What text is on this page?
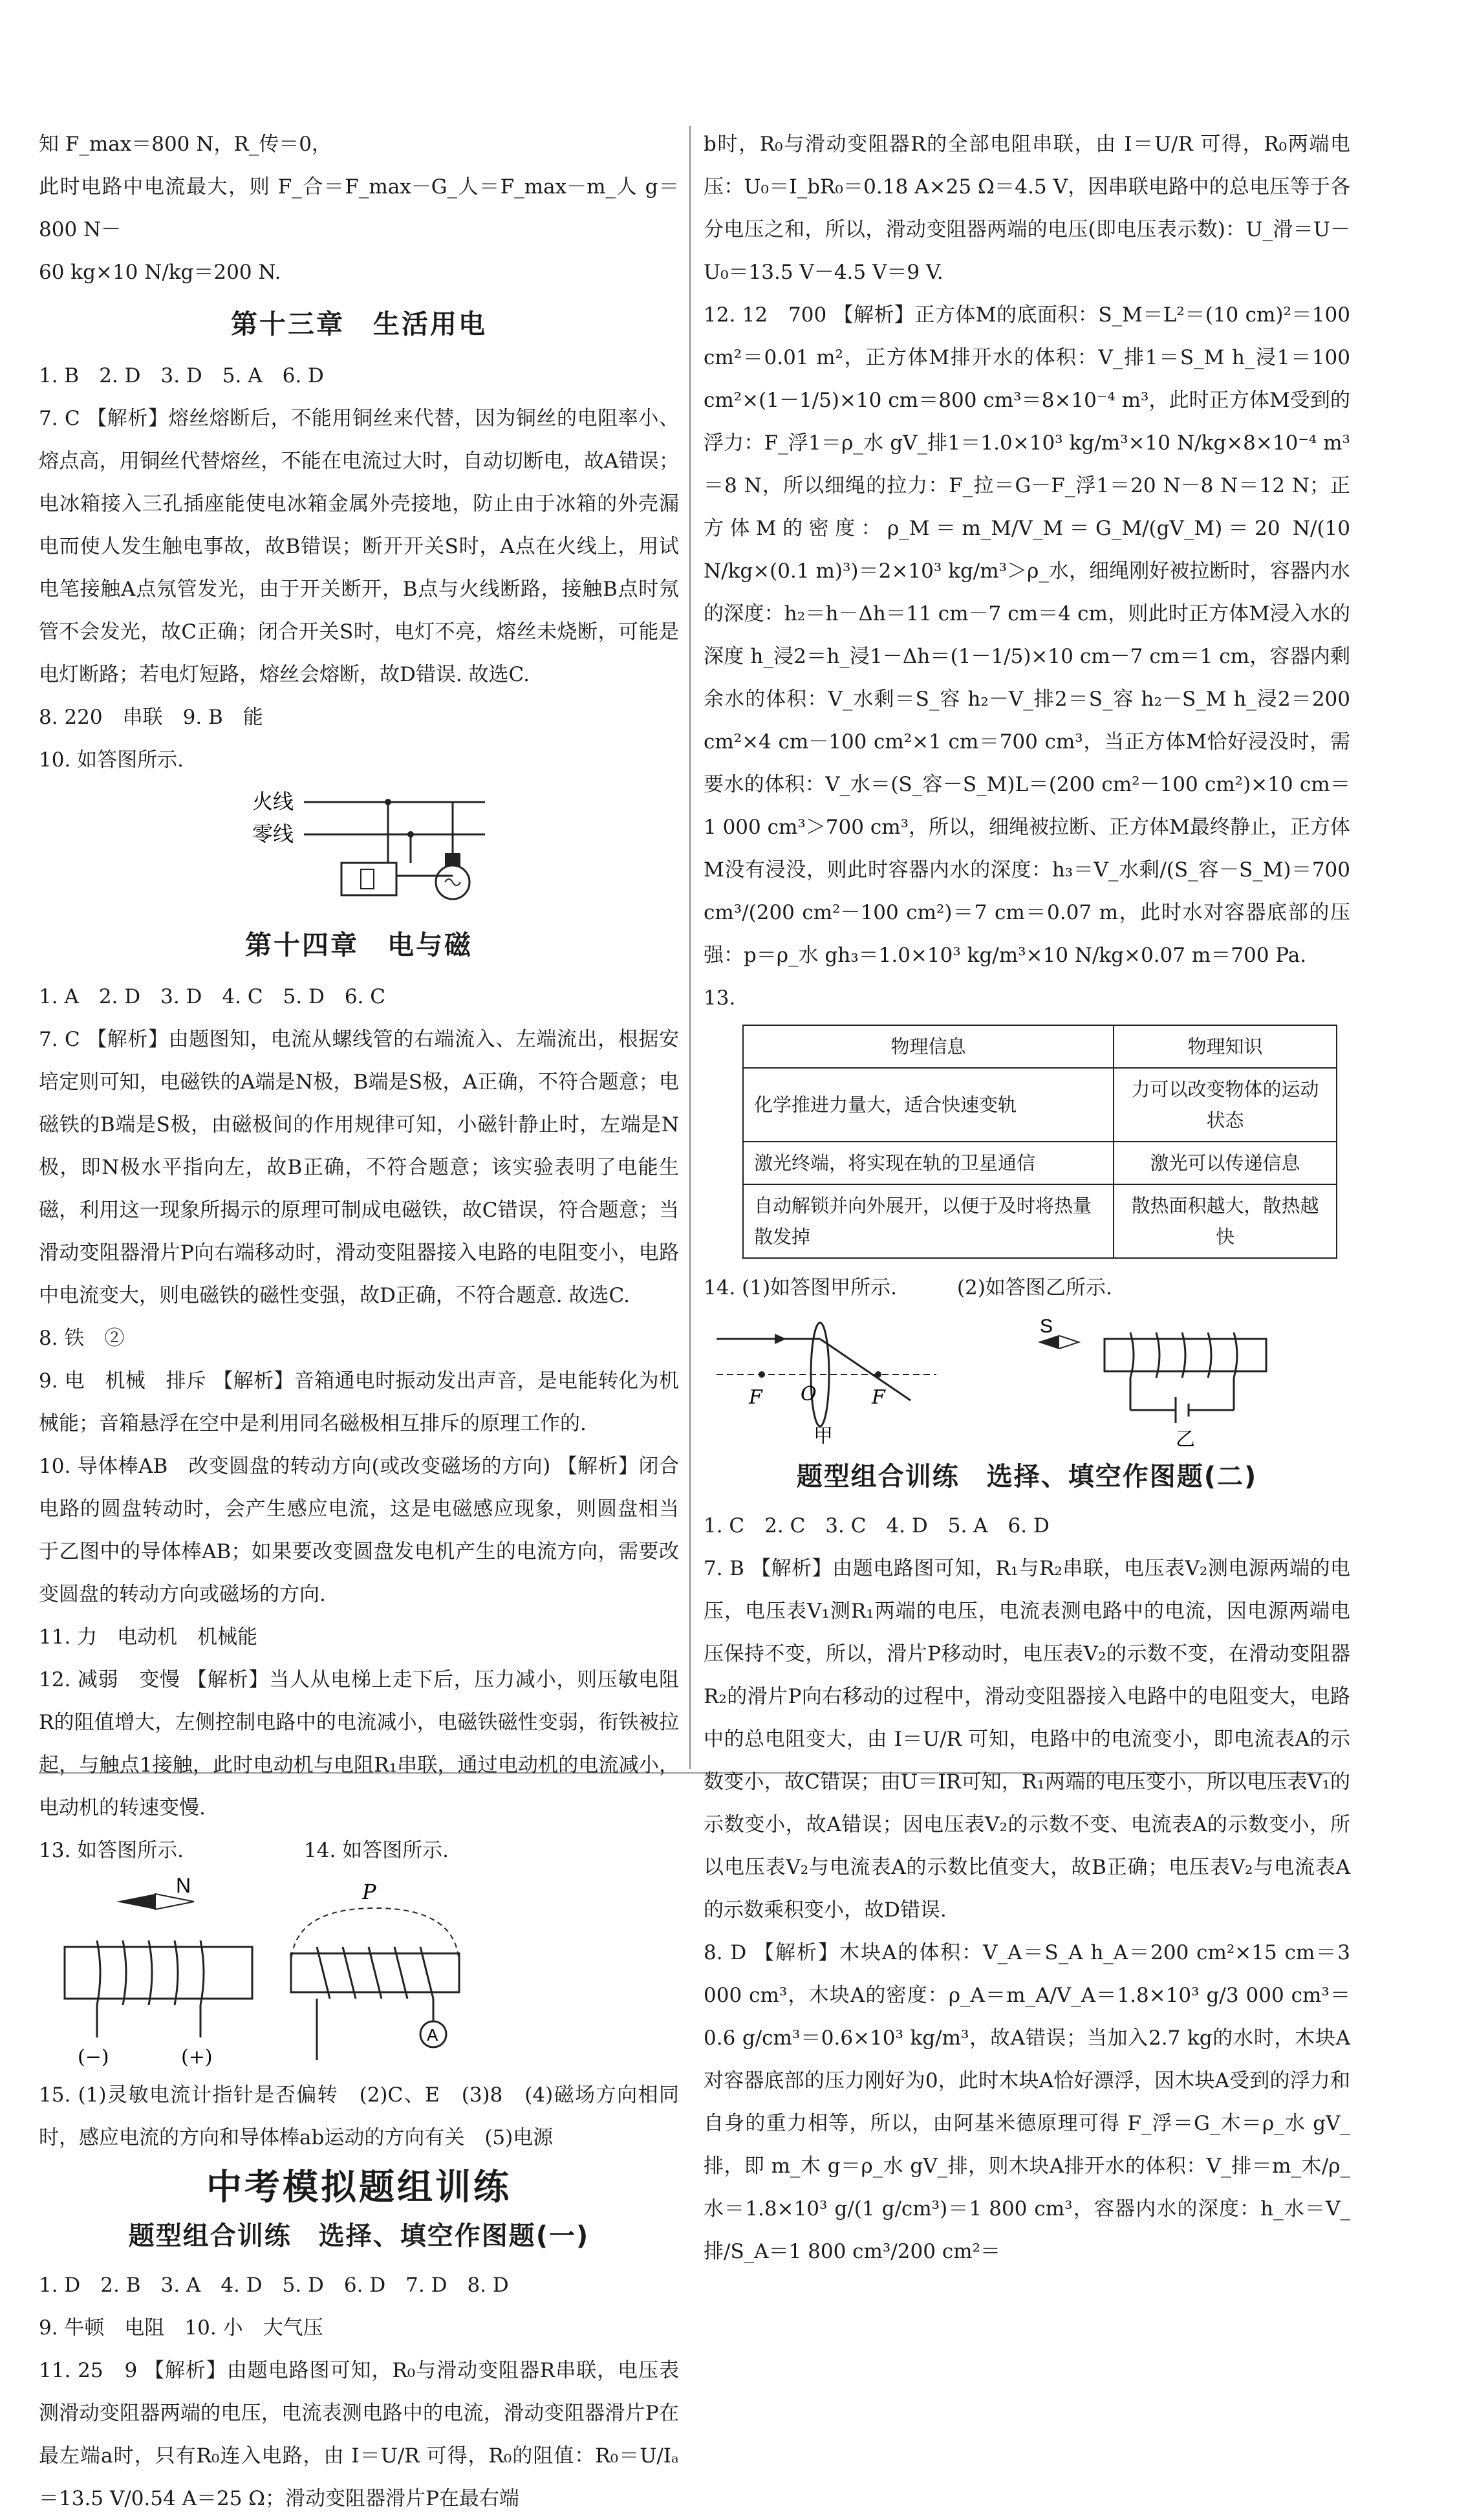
知 F_max＝800 N，R_传＝0，

此时电路中电流最大，则 F_合＝F_max－G_人＝F_max－m_人 g＝800 N－

60 kg×10 N/kg＝200 N.

第十三章　生活用电

1. B　2. D　3. D　5. A　6. D

7. C 【解析】熔丝熔断后，不能用铜丝来代替，因为铜丝的电阻率小、熔点高，用铜丝代替熔丝，不能在电流过大时，自动切断电，故A错误；电冰箱接入三孔插座能使电冰箱金属外壳接地，防止由于冰箱的外壳漏电而使人发生触电事故，故B错误；断开开关S时，A点在火线上，用试电笔接触A点氖管发光，由于开关断开，B点与火线断路，接触B点时氖管不会发光，故C正确；闭合开关S时，电灯不亮，熔丝未烧断，可能是电灯断路；若电灯短路，熔丝会熔断，故D错误. 故选C.

8. 220　串联　9. B　能

10. 如答图所示.

火线
零线
第十四章　电与磁

1. A　2. D　3. D　4. C　5. D　6. C

7. C 【解析】由题图知，电流从螺线管的右端流入、左端流出，根据安培定则可知，电磁铁的A端是N极，B端是S极，A正确，不符合题意；电磁铁的B端是S极，由磁极间的作用规律可知，小磁针静止时，左端是N极，即N极水平指向左，故B正确，不符合题意；该实验表明了电能生磁，利用这一现象所揭示的原理可制成电磁铁，故C错误，符合题意；当滑动变阻器滑片P向右端移动时，滑动变阻器接入电路的电阻变小，电路中电流变大，则电磁铁的磁性变强，故D正确，不符合题意. 故选C.

8. 铁　②

9. 电　机械　排斥 【解析】音箱通电时振动发出声音，是电能转化为机械能；音箱悬浮在空中是利用同名磁极相互排斥的原理工作的.

10. 导体棒AB　改变圆盘的转动方向(或改变磁场的方向) 【解析】闭合电路的圆盘转动时，会产生感应电流，这是电磁感应现象，则圆盘相当于乙图中的导体棒AB；如果要改变圆盘发电机产生的电流方向，需要改变圆盘的转动方向或磁场的方向.

11. 力　电动机　机械能

12. 减弱　变慢 【解析】当人从电梯上走下后，压力减小，则压敏电阻R的阻值增大，左侧控制电路中的电流减小，电磁铁磁性变弱，衔铁被拉起，与触点1接触，此时电动机与电阻R₁串联，通过电动机的电流减小，电动机的转速变慢.

13. 如答图所示.　　　　　　14. 如答图所示.

N
(−)	(+)
P
A

15. (1)灵敏电流计指针是否偏转　(2)C、E　(3)8　(4)磁场方向相同时，感应电流的方向和导体棒ab运动的方向有关　(5)电源

中考模拟题组训练
题型组合训练　选择、填空作图题(一)

1. D　2. B　3. A　4. D　5. D　6. D　7. D　8. D

9. 牛顿　电阻　10. 小　大气压

11. 25　9 【解析】由题电路图可知，R₀与滑动变阻器R串联，电压表测滑动变阻器两端的电压，电流表测电路中的电流，滑动变阻器滑片P在最左端a时，只有R₀连入电路，由 I＝U/R 可得，R₀的阻值：R₀＝U/Iₐ＝13.5 V/0.54 A＝25 Ω；滑动变阻器滑片P在最右端

b时，R₀与滑动变阻器R的全部电阻串联，由 I＝U/R 可得，R₀两端电压：U₀＝I_bR₀＝0.18 A×25 Ω＝4.5 V，因串联电路中的总电压等于各分电压之和，所以，滑动变阻器两端的电压(即电压表示数)：U_滑＝U－U₀＝13.5 V－4.5 V＝9 V.

12. 12　700 【解析】正方体M的底面积：S_M＝L²＝(10 cm)²＝100 cm²＝0.01 m²，正方体M排开水的体积：V_排1＝S_M h_浸1＝100 cm²×(1－1/5)×10 cm＝800 cm³＝8×10⁻⁴ m³，此时正方体M受到的浮力：F_浮1＝ρ_水 gV_排1＝1.0×10³ kg/m³×10 N/kg×8×10⁻⁴ m³＝8 N，所以细绳的拉力：F_拉＝G－F_浮1＝20 N－8 N＝12 N；正方体M的密度：ρ_M＝m_M/V_M＝G_M/(gV_M)＝20 N/(10 N/kg×(0.1 m)³)＝2×10³ kg/m³＞ρ_水，细绳刚好被拉断时，容器内水的深度：h₂＝h－Δh＝11 cm－7 cm＝4 cm，则此时正方体M浸入水的深度 h_浸2＝h_浸1－Δh＝(1－1/5)×10 cm－7 cm＝1 cm，容器内剩余水的体积：V_水剩＝S_容 h₂－V_排2＝S_容 h₂－S_M h_浸2＝200 cm²×4 cm－100 cm²×1 cm＝700 cm³，当正方体M恰好浸没时，需要水的体积：V_水＝(S_容－S_M)L＝(200 cm²－100 cm²)×10 cm＝1 000 cm³＞700 cm³，所以，细绳被拉断、正方体M最终静止，正方体M没有浸没，则此时容器内水的深度：h₃＝V_水剩/(S_容－S_M)＝700 cm³/(200 cm²－100 cm²)＝7 cm＝0.07 m，此时水对容器底部的压强：p＝ρ_水 gh₃＝1.0×10³ kg/m³×10 N/kg×0.07 m＝700 Pa.

13.

物理信息	物理知识
化学推进力量大，适合快速变轨	力可以改变物体的运动状态
激光终端，将实现在轨的卫星通信	激光可以传递信息
自动解锁并向外展开，以便于及时将热量散发掉	散热面积越大，散热越快

14. (1)如答图甲所示.　　　(2)如答图乙所示.

F O	F
甲
S
乙
题型组合训练　选择、填空作图题(二)

1. C　2. C　3. C　4. D　5. A　6. D

7. B 【解析】由题电路图可知，R₁与R₂串联，电压表V₂测电源两端的电压，电压表V₁测R₁两端的电压，电流表测电路中的电流，因电源两端电压保持不变，所以，滑片P移动时，电压表V₂的示数不变，在滑动变阻器R₂的滑片P向右移动的过程中，滑动变阻器接入电路中的电阻变大，电路中的总电阻变大，由 I＝U/R 可知，电路中的电流变小，即电流表A的示数变小，故C错误；由U＝IR可知，R₁两端的电压变小，所以电压表V₁的示数变小，故A错误；因电压表V₂的示数不变、电流表A的示数变小，所以电压表V₂与电流表A的示数比值变大，故B正确；电压表V₂与电流表A的示数乘积变小，故D错误.

8. D 【解析】木块A的体积：V_A＝S_A h_A＝200 cm²×15 cm＝3 000 cm³，木块A的密度：ρ_A＝m_A/V_A＝1.8×10³ g/3 000 cm³＝0.6 g/cm³＝0.6×10³ kg/m³，故A错误；当加入2.7 kg的水时，木块A对容器底部的压力刚好为0，此时木块A恰好漂浮，因木块A受到的浮力和自身的重力相等，所以，由阿基米德原理可得 F_浮＝G_木＝ρ_水 gV_排，即 m_木 g＝ρ_水 gV_排，则木块A排开水的体积：V_排＝m_木/ρ_水＝1.8×10³ g/(1 g/cm³)＝1 800 cm³，容器内水的深度：h_水＝V_排/S_A＝1 800 cm³/200 cm²＝
